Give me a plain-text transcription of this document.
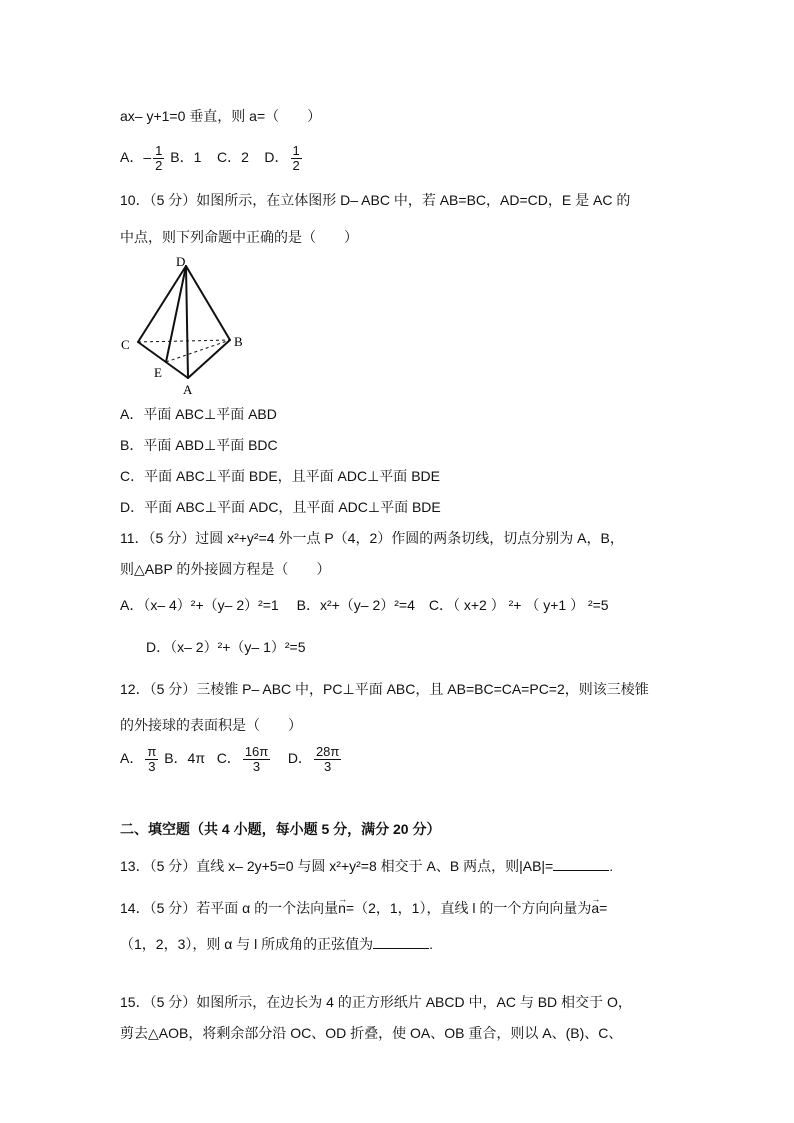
ax– y+1=0 垂直，则 a=（　　）
A．– $\frac{1}{2}$ B．1 C．2 D． $\frac{1}{2}$
10．（5 分）如图所示，在立体图形 D– ABC 中，若 AB=BC，AD=CD，E 是 AC 的
中点，则下列命题中正确的是（　　）
D
C	B
E
A
A．平面 ABC⊥平面 ABD
B．平面 ABD⊥平面 BDC
C．平面 ABC⊥平面 BDE，且平面 ADC⊥平面 BDE
D．平面 ABC⊥平面 ADC，且平面 ADC⊥平面 BDE
11．（5 分）过圆 x²+y²=4 外一点 P（4，2）作圆的两条切线，切点分别为 A，B，
则△ABP 的外接圆方程是（　　）
A．（x– 4）²+（y– 2）²=1　 B．x²+（y– 2）²=4　C．（ x+2 ） ²+ （ y+1 ） ²=5
D．（x– 2）²+（y– 1）²=5
12．（5 分）三棱锥 P– ABC 中，PC⊥平面 ABC，且 AB=BC=CA=PC=2，则该三棱锥
的外接球的表面积是（　　）
A． $\frac{\pi}{3}$ B．4π C． $\frac{16\pi}{3}$ D． $\frac{28\pi}{3}$
二、填空题（共 4 小题，每小题 5 分，满分 20 分）
13．（5 分）直线 x– 2y+5=0 与圆 x²+y²=8 相交于 A、B 两点，则|AB|=	.
14．（5 分）若平面 α 的一个法向量→ n=（2，1，1），直线 l 的一个方向向量为→ a=
（1，2，3），则 α 与 l 所成角的正弦值为	.
15．（5 分）如图所示，在边长为 4 的正方形纸片 ABCD 中，AC 与 BD 相交于 O，
剪去△AOB，将剩余部分沿 OC、OD 折叠，使 OA、OB 重合，则以 A、(B)、C、
